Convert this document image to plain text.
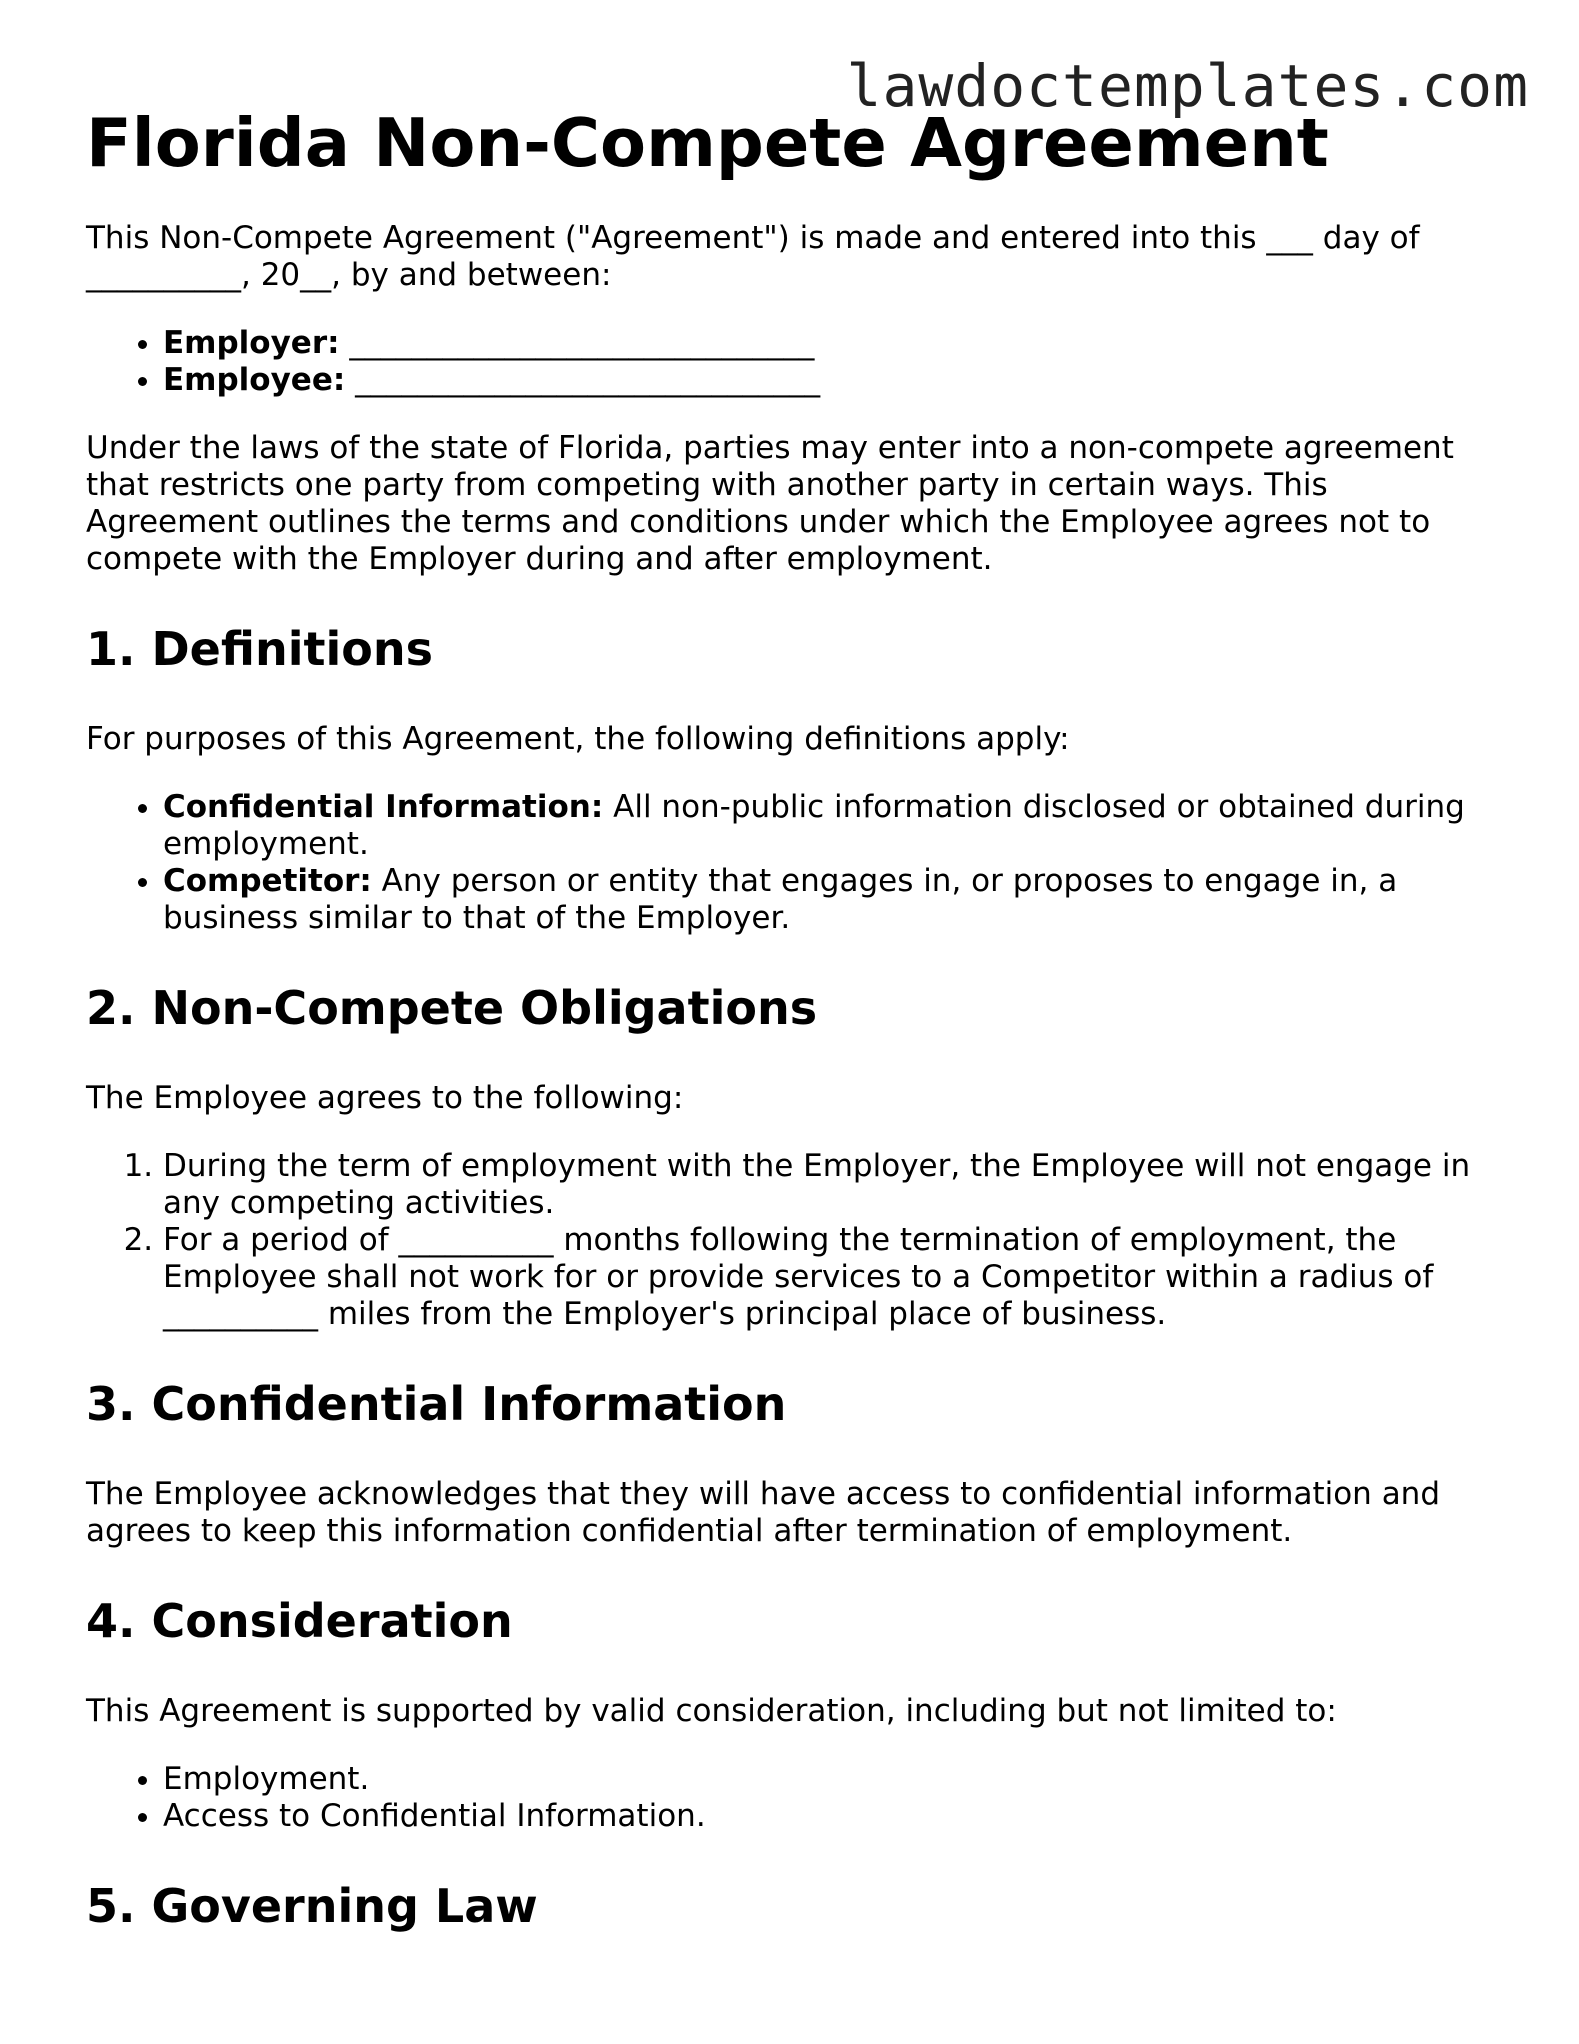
lawdoctemplates.com
Florida Non-Compete Agreement

This Non-Compete Agreement ("Agreement") is made and entered into this ___ day of __________, 20__, by and between:

• Employer: ______________________________
• Employee: ______________________________

Under the laws of the state of Florida, parties may enter into a non-compete agreement that restricts one party from competing with another party in certain ways. This Agreement outlines the terms and conditions under which the Employee agrees not to compete with the Employer during and after employment.

1. Definitions

For purposes of this Agreement, the following definitions apply:

• Confidential Information: All non-public information disclosed or obtained during employment.
• Competitor: Any person or entity that engages in, or proposes to engage in, a business similar to that of the Employer.
2. Non-Compete Obligations

The Employee agrees to the following:

1. During the term of employment with the Employer, the Employee will not engage in any competing activities.
2. For a period of __________ months following the termination of employment, the Employee shall not work for or provide services to a Competitor within a radius of __________ miles from the Employer's principal place of business.
3. Confidential Information

The Employee acknowledges that they will have access to confidential information and agrees to keep this information confidential after termination of employment.

4. Consideration

This Agreement is supported by valid consideration, including but not limited to:

• Employment.
• Access to Confidential Information.
5. Governing Law
